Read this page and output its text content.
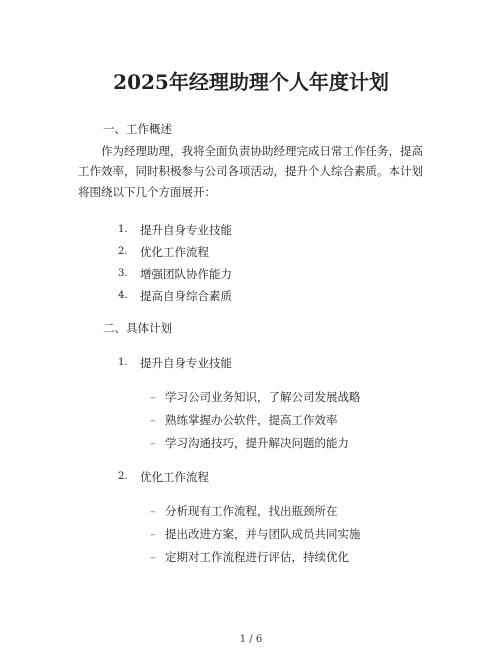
2025年经理助理个人年度计划

一、工作概述

作为经理助理，我将全面负责协助经理完成日常工作任务，提高工作效率，同时积极参与公司各项活动，提升个人综合素质。本计划将围绕以下几个方面展开：

1.	提升自身专业技能
2.	优化工作流程
3.	增强团队协作能力
4.	提高自身综合素质

二、具体计划

1.	提升自身专业技能
– 学习公司业务知识，了解公司发展战略
– 熟练掌握办公软件，提高工作效率
– 学习沟通技巧，提升解决问题的能力
2.	优化工作流程
– 分析现有工作流程，找出瓶颈所在
– 提出改进方案，并与团队成员共同实施
– 定期对工作流程进行评估，持续优化
1 / 6
